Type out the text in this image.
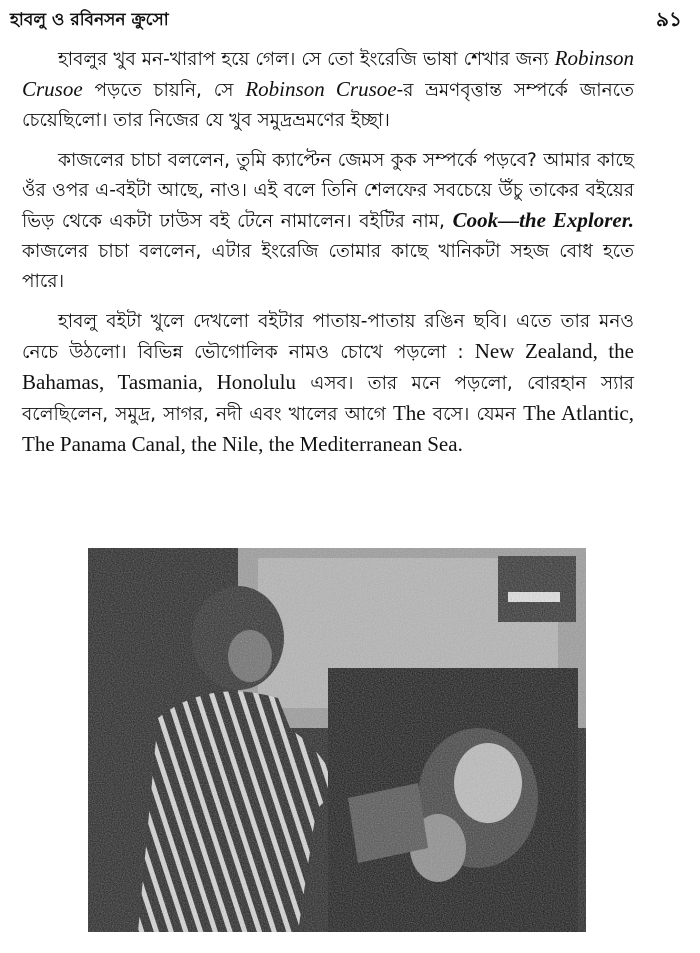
হাবলু ও রবিনসন ক্রুসো	৯১

হাবলুর খুব মন-খারাপ হয়ে গেল। সে তো ইংরেজি ভাষা শেখার জন্য Robinson Crusoe পড়তে চায়নি, সে Robinson Crusoe-র ভ্রমণবৃত্তান্ত সম্পর্কে জানতে চেয়েছিলো। তার নিজের যে খুব সমুদ্রভ্রমণের ইচ্ছা।

কাজলের চাচা বললেন, তুমি ক্যাপ্টেন জেমস কুক সম্পর্কে পড়বে? আমার কাছে ওঁর ওপর এ-বইটা আছে, নাও। এই বলে তিনি শেলফের সবচেয়ে উঁচু তাকের বইয়ের ভিড় থেকে একটা ঢাউস বই টেনে নামালেন। বইটির নাম, Cook—the Explorer. কাজলের চাচা বললেন, এটার ইংরেজি তোমার কাছে খানিকটা সহজ বোধ হতে পারে।

হাবলু বইটা খুলে দেখলো বইটার পাতায়-পাতায় রঙিন ছবি। এতে তার মনও নেচে উঠলো। বিভিন্ন ভৌগোলিক নামও চোখে পড়লো : New Zealand, the Bahamas, Tasmania, Honolulu এসব। তার মনে পড়লো, বোরহান স্যার বলেছিলেন, সমুদ্র, সাগর, নদী এবং খালের আগে The বসে। যেমন The Atlantic, The Panama Canal, the Nile, the Mediterranean Sea.
